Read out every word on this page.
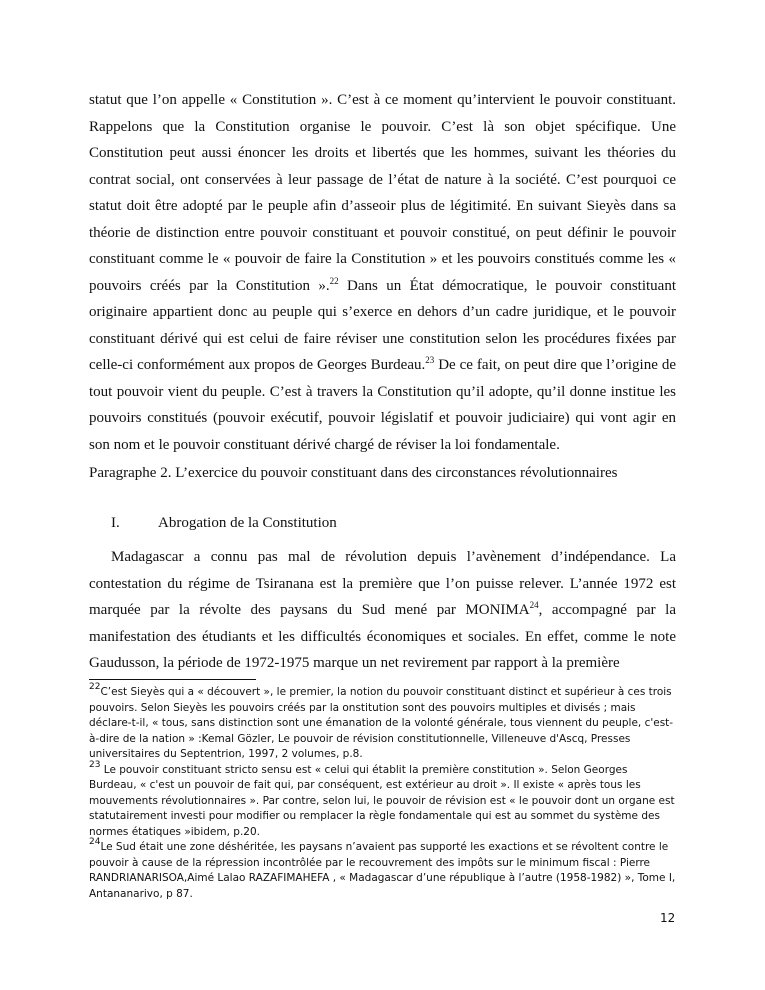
statut que l’on appelle « Constitution ». C’est à ce moment qu’intervient le pouvoir constituant. Rappelons que la Constitution organise le pouvoir. C’est là son objet spécifique. Une Constitution peut aussi énoncer les droits et libertés que les hommes, suivant les théories du contrat social, ont conservées à leur passage de l’état de nature à la société. C’est pourquoi ce statut doit être adopté par le peuple afin d’asseoir plus de légitimité. En suivant Sieyès dans sa théorie de distinction entre pouvoir constituant et pouvoir constitué, on peut définir le pouvoir constituant comme le « pouvoir de faire la Constitution » et les pouvoirs constitués comme les « pouvoirs créés par la Constitution ».$^{22}$ Dans un État démocratique, le pouvoir constituant originaire appartient donc au peuple qui s’exerce en dehors d’un cadre juridique, et le pouvoir constituant dérivé qui est celui de faire réviser une constitution selon les procédures fixées par celle-ci conformément aux propos de Georges Burdeau.$^{23}$ De ce fait, on peut dire que l’origine de tout pouvoir vient du peuple. C’est à travers la Constitution qu’il adopte, qu’il donne institue les pouvoirs constitués (pouvoir exécutif, pouvoir législatif et pouvoir judiciaire) qui vont agir en son nom et le pouvoir constituant dérivé chargé de réviser la loi fondamentale.

Paragraphe 2. L’exercice du pouvoir constituant dans des circonstances révolutionnaires

I.	Abrogation de la Constitution

Madagascar a connu pas mal de révolution depuis l’avènement d’indépendance. La contestation du régime de Tsiranana est la première que l’on puisse relever. L’année 1972 est marquée par la révolte des paysans du Sud mené par MONIMA$^{24}$, accompagné par la manifestation des étudiants et les difficultés économiques et sociales. En effet, comme le note Gaudusson, la période de 1972-1975 marque un net revirement par rapport à la première

$^{22}$C’est Sieyès qui a « découvert », le premier, la notion du pouvoir constituant distinct et supérieur à ces trois pouvoirs. Selon Sieyès les pouvoirs créés par la onstitution sont des pouvoirs multiples et divisés ; mais déclare-t-il, « tous, sans distinction sont une émanation de la volonté générale, tous viennent du peuple, c'est-à-dire de la nation » :Kemal Gözler, Le pouvoir de révision constitutionnelle, Villeneuve d'Ascq, Presses universitaires du Septentrion, 1997, 2 volumes, p.8.

$^{23}$ Le pouvoir constituant stricto sensu est « celui qui établit la première constitution ». Selon Georges Burdeau, « c'est un pouvoir de fait qui, par conséquent, est extérieur au droit ». Il existe « après tous les mouvements révolutionnaires ». Par contre, selon lui, le pouvoir de révision est « le pouvoir dont un organe est statutairement investi pour modifier ou remplacer la règle fondamentale qui est au sommet du système des normes étatiques »ibidem, p.20.

$^{24}$Le Sud était une zone déshéritée, les paysans n’avaient pas supporté les exactions et se révoltent contre le pouvoir à cause de la répression incontrôlée par le recouvrement des impôts sur le minimum fiscal : Pierre RANDRIANARISOA,Aimé Lalao RAZAFIMAHEFA , « Madagascar d’une république à l’autre (1958-1982) », Tome I, Antananarivo, p 87.

12
